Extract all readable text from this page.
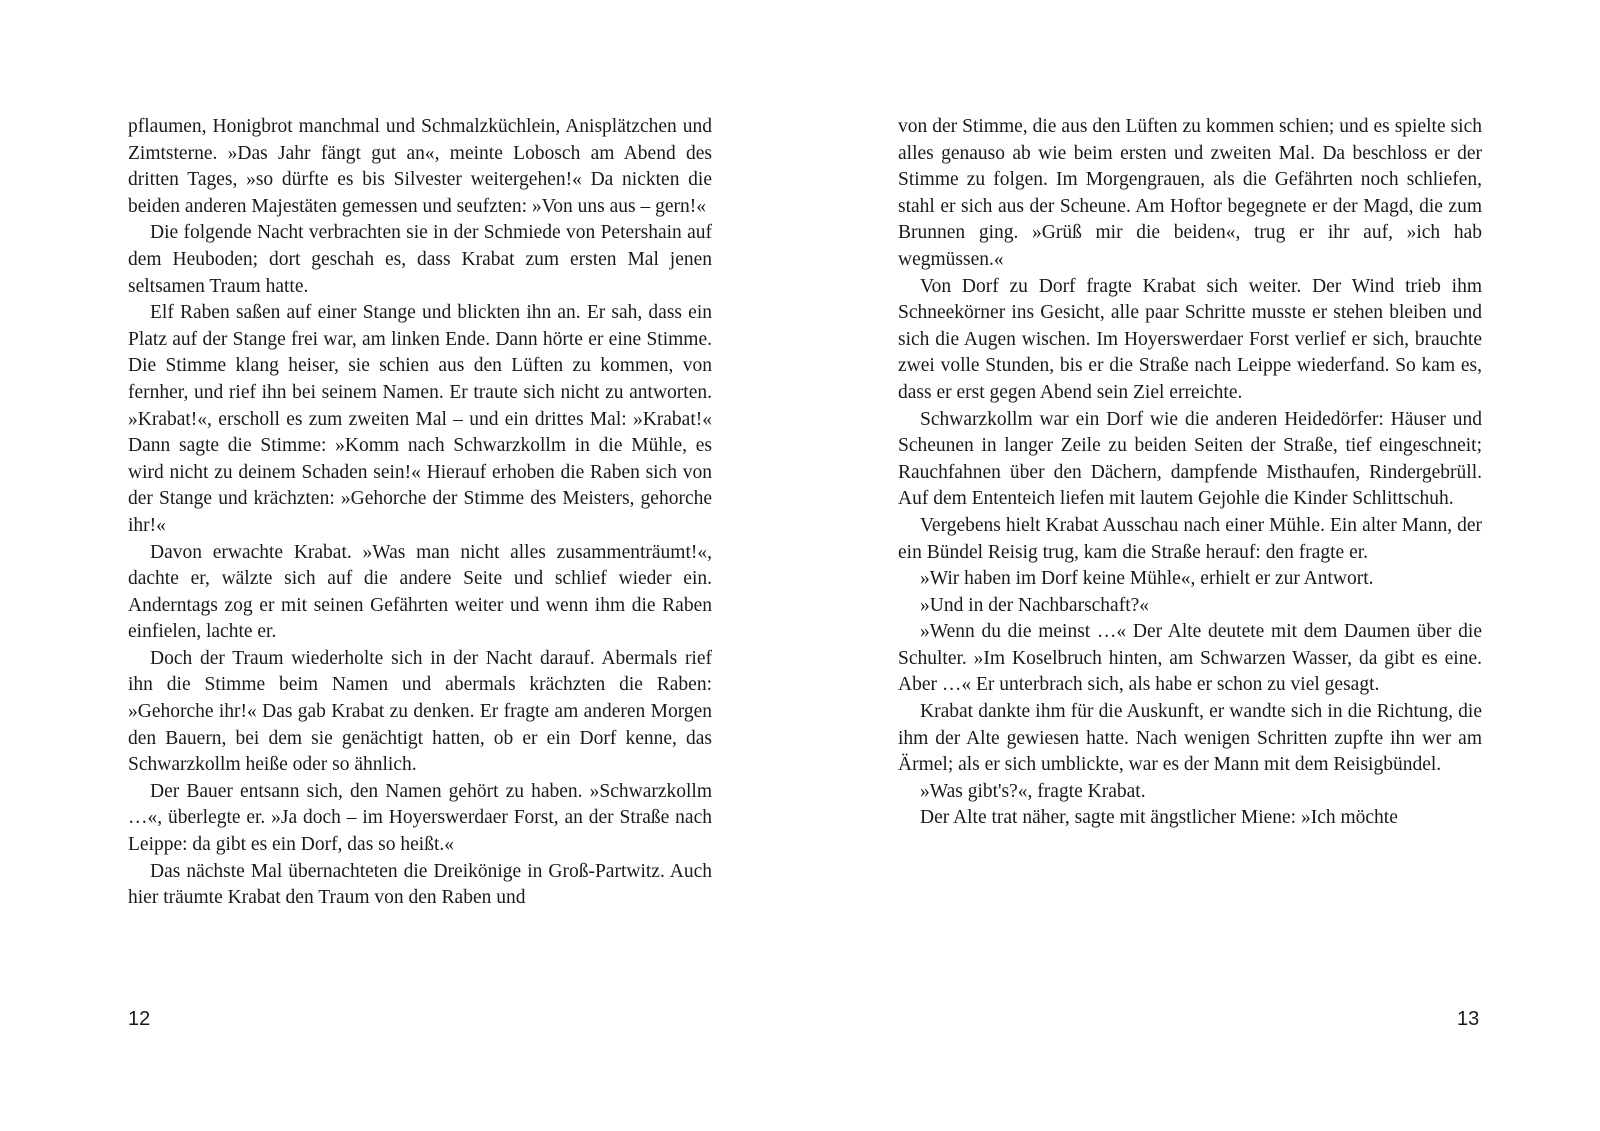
pflaumen, Honigbrot manchmal und Schmalzküchlein, Anisplätzchen und Zimtsterne. »Das Jahr fängt gut an«, meinte Lobosch am Abend des dritten Tages, »so dürfte es bis Silvester weitergehen!« Da nickten die beiden anderen Majestäten gemessen und seufzten: »Von uns aus – gern!«

Die folgende Nacht verbrachten sie in der Schmiede von Petershain auf dem Heuboden; dort geschah es, dass Krabat zum ersten Mal jenen seltsamen Traum hatte.

Elf Raben saßen auf einer Stange und blickten ihn an. Er sah, dass ein Platz auf der Stange frei war, am linken Ende. Dann hörte er eine Stimme. Die Stimme klang heiser, sie schien aus den Lüften zu kommen, von fernher, und rief ihn bei seinem Namen. Er traute sich nicht zu antworten. »Krabat!«, erscholl es zum zweiten Mal – und ein drittes Mal: »Krabat!« Dann sagte die Stimme: »Komm nach Schwarzkollm in die Mühle, es wird nicht zu deinem Schaden sein!« Hierauf erhoben die Raben sich von der Stange und krächzten: »Gehorche der Stimme des Meisters, gehorche ihr!«

Davon erwachte Krabat. »Was man nicht alles zusammenträumt!«, dachte er, wälzte sich auf die andere Seite und schlief wieder ein. Anderntags zog er mit seinen Gefährten weiter und wenn ihm die Raben einfielen, lachte er.

Doch der Traum wiederholte sich in der Nacht darauf. Abermals rief ihn die Stimme beim Namen und abermals krächzten die Raben: »Gehorche ihr!« Das gab Krabat zu denken. Er fragte am anderen Morgen den Bauern, bei dem sie genächtigt hatten, ob er ein Dorf kenne, das Schwarzkollm heiße oder so ähnlich.

Der Bauer entsann sich, den Namen gehört zu haben. »Schwarzkollm …«, überlegte er. »Ja doch – im Hoyerswerdaer Forst, an der Straße nach Leippe: da gibt es ein Dorf, das so heißt.«

Das nächste Mal übernachteten die Dreikönige in Groß-Partwitz. Auch hier träumte Krabat den Traum von den Raben und

von der Stimme, die aus den Lüften zu kommen schien; und es spielte sich alles genauso ab wie beim ersten und zweiten Mal. Da beschloss er der Stimme zu folgen. Im Morgengrauen, als die Gefährten noch schliefen, stahl er sich aus der Scheune. Am Hoftor begegnete er der Magd, die zum Brunnen ging. »Grüß mir die beiden«, trug er ihr auf, »ich hab wegmüssen.«

Von Dorf zu Dorf fragte Krabat sich weiter. Der Wind trieb ihm Schneekörner ins Gesicht, alle paar Schritte musste er stehen bleiben und sich die Augen wischen. Im Hoyerswerdaer Forst verlief er sich, brauchte zwei volle Stunden, bis er die Straße nach Leippe wiederfand. So kam es, dass er erst gegen Abend sein Ziel erreichte.

Schwarzkollm war ein Dorf wie die anderen Heidedörfer: Häuser und Scheunen in langer Zeile zu beiden Seiten der Straße, tief eingeschneit; Rauchfahnen über den Dächern, dampfende Misthaufen, Rindergebrüll. Auf dem Ententeich liefen mit lautem Gejohle die Kinder Schlittschuh.

Vergebens hielt Krabat Ausschau nach einer Mühle. Ein alter Mann, der ein Bündel Reisig trug, kam die Straße herauf: den fragte er.

»Wir haben im Dorf keine Mühle«, erhielt er zur Antwort.

»Und in der Nachbarschaft?«

»Wenn du die meinst …« Der Alte deutete mit dem Daumen über die Schulter. »Im Koselbruch hinten, am Schwarzen Wasser, da gibt es eine. Aber …« Er unterbrach sich, als habe er schon zu viel gesagt.

Krabat dankte ihm für die Auskunft, er wandte sich in die Richtung, die ihm der Alte gewiesen hatte. Nach wenigen Schritten zupfte ihn wer am Ärmel; als er sich umblickte, war es der Mann mit dem Reisigbündel.

»Was gibt's?«, fragte Krabat.

Der Alte trat näher, sagte mit ängstlicher Miene: »Ich möchte

12	13
